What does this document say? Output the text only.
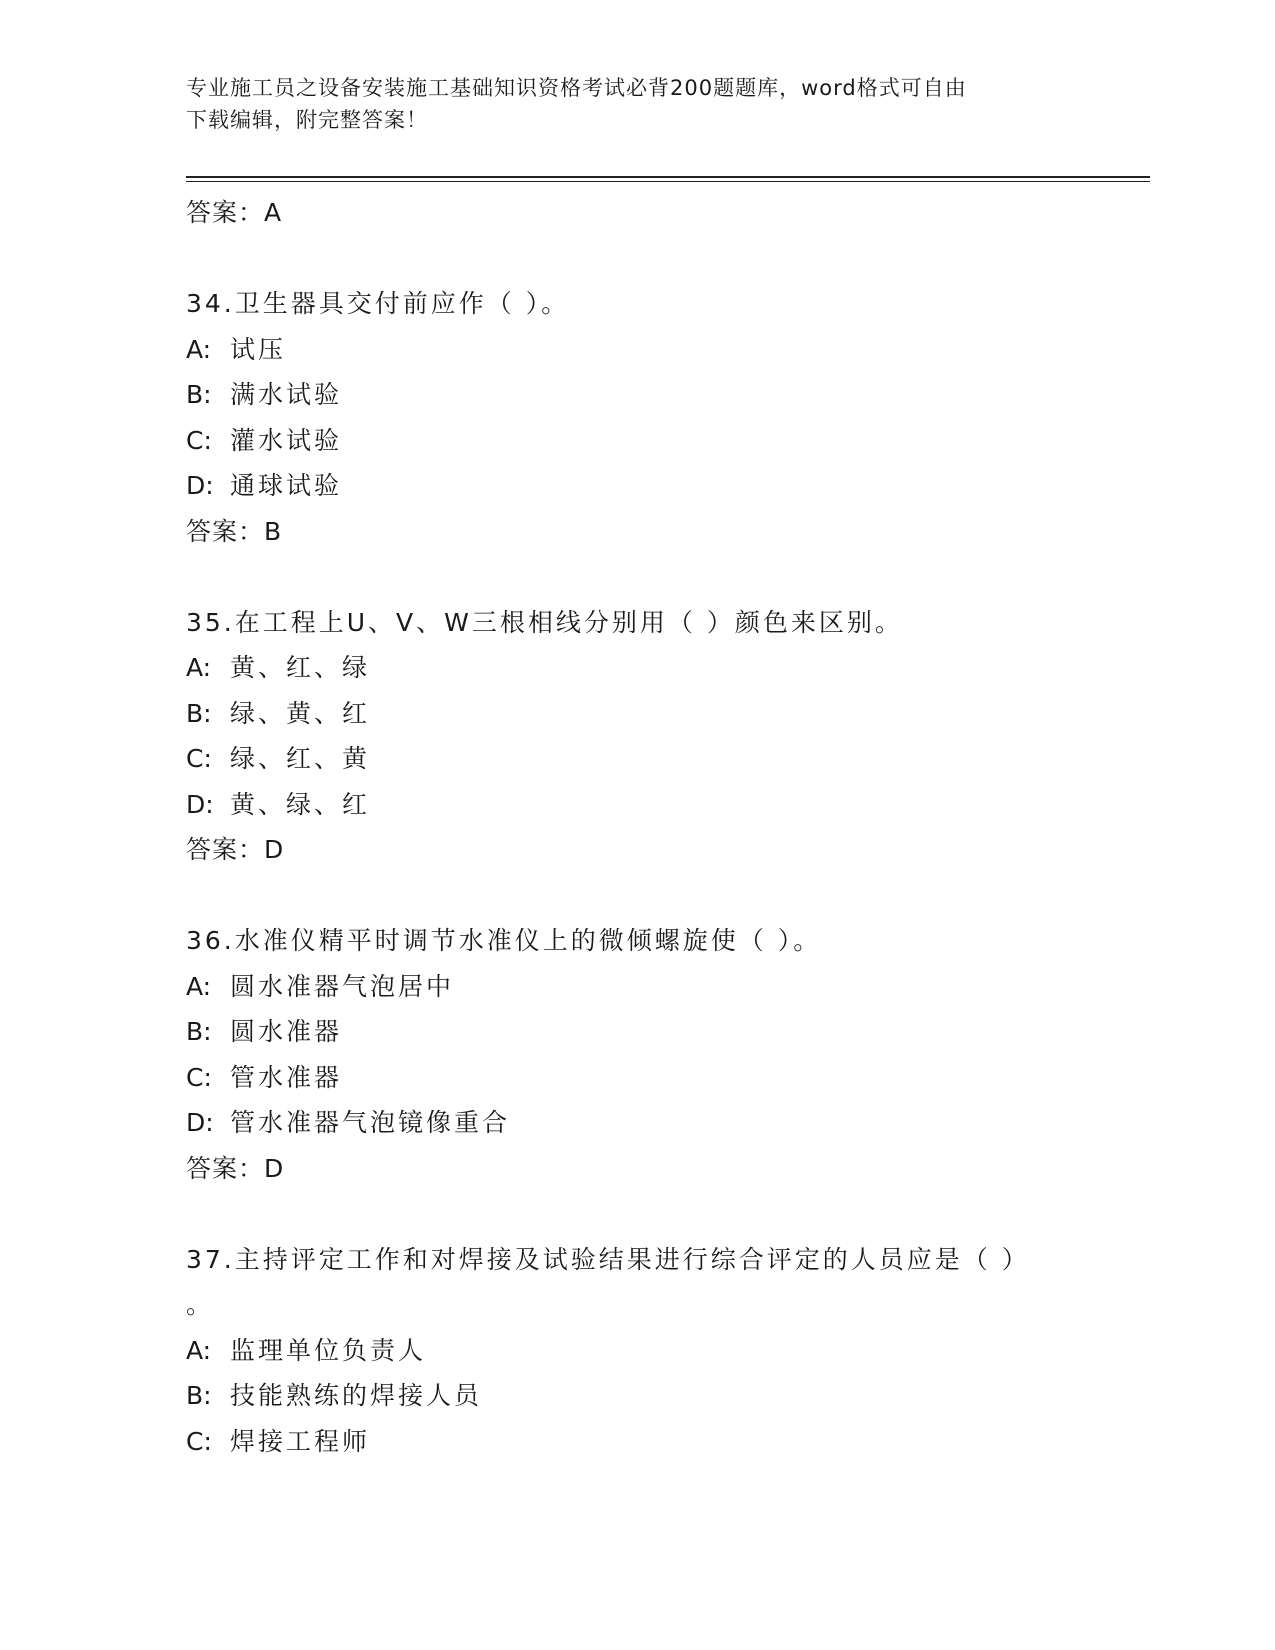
专业施工员之设备安装施工基础知识资格考试必背200题题库，word格式可自由
下载编辑，附完整答案！
答案：A
34.卫生器具交付前应作（ ）。
A: 试压
B: 满水试验
C: 灌水试验
D: 通球试验
答案：B
35.在工程上U、V、W三根相线分别用（ ）颜色来区别。
A: 黄、红、绿
B: 绿、黄、红
C: 绿、红、黄
D: 黄、绿、红
答案：D
36.水准仪精平时调节水准仪上的微倾螺旋使（ ）。
A: 圆水准器气泡居中
B: 圆水准器
C: 管水准器
D: 管水准器气泡镜像重合
答案：D
37.主持评定工作和对焊接及试验结果进行综合评定的人员应是（ ）
。
A: 监理单位负责人
B: 技能熟练的焊接人员
C: 焊接工程师
